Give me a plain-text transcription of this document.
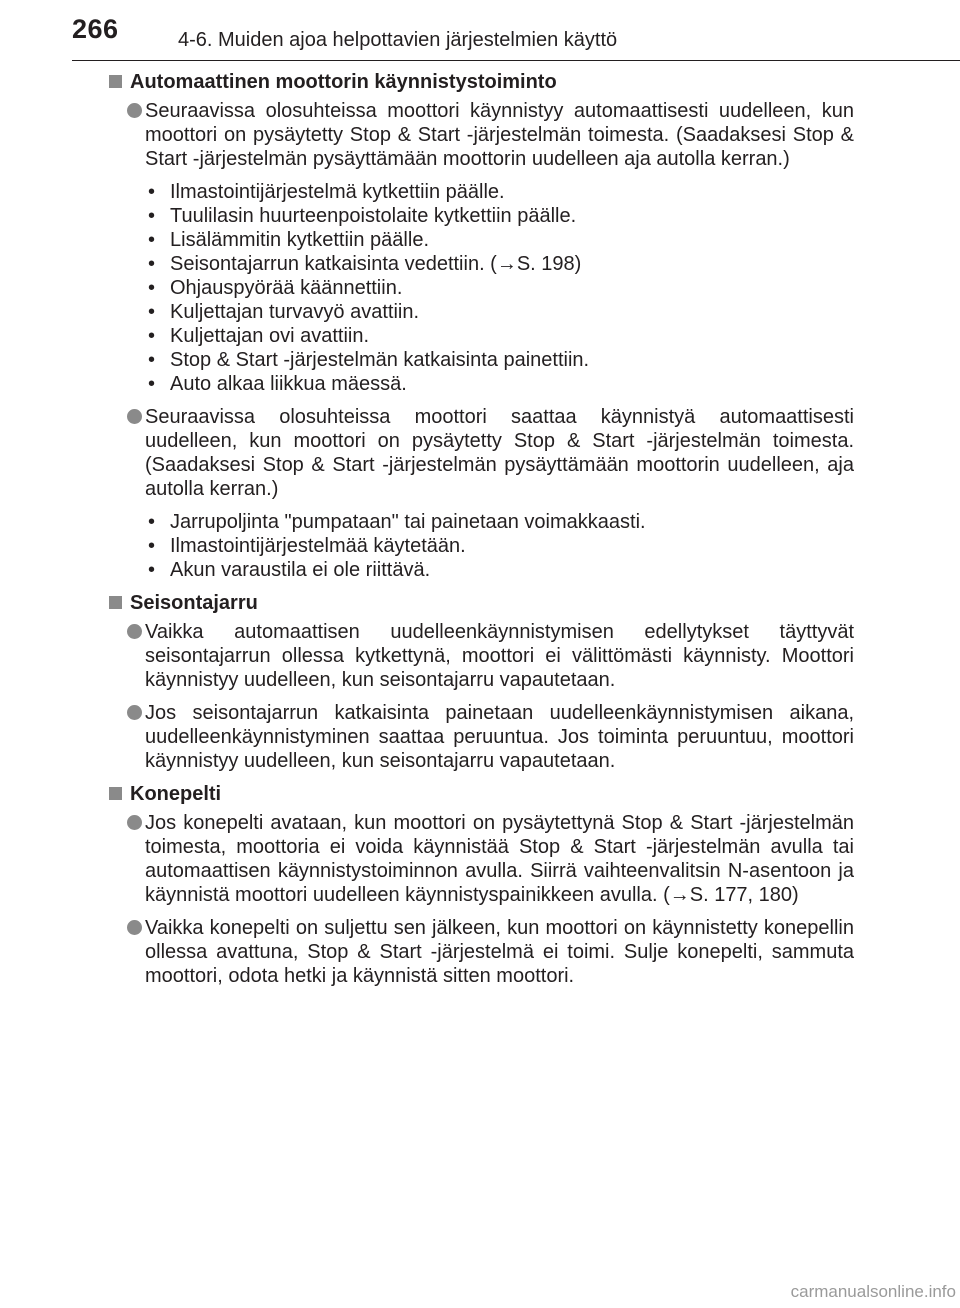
266	4-6. Muiden ajoa helpottavien järjestelmien käyttö
Automaattinen moottorin käynnistystoiminto
Seuraavissa olosuhteissa moottori käynnistyy automaattisesti uudelleen, kun moottori on pysäytetty Stop & Start -järjestelmän toimesta. (Saadaksesi Stop & Start -järjestelmän pysäyttämään moottorin uudelleen aja autolla kerran.)
• Ilmastointijärjestelmä kytkettiin päälle.
• Tuulilasin huurteenpoistolaite kytkettiin päälle.
• Lisälämmitin kytkettiin päälle.
• Seisontajarrun katkaisinta vedettiin. (→S. 198)
• Ohjauspyörää käännettiin.
• Kuljettajan turvavyö avattiin.
• Kuljettajan ovi avattiin.
• Stop & Start -järjestelmän katkaisinta painettiin.
• Auto alkaa liikkua mäessä.
Seuraavissa olosuhteissa moottori saattaa käynnistyä automaattisesti uudelleen, kun moottori on pysäytetty Stop & Start -järjestelmän toimesta. (Saadaksesi Stop & Start -järjestelmän pysäyttämään moottorin uudelleen, aja autolla kerran.)
• Jarrupoljinta "pumpataan" tai painetaan voimakkaasti.
• Ilmastointijärjestelmää käytetään.
• Akun varaustila ei ole riittävä.
Seisontajarru
Vaikka automaattisen uudelleenkäynnistymisen edellytykset täyttyvät seisontajarrun ollessa kytkettynä, moottori ei välittömästi käynnisty. Moottori käynnistyy uudelleen, kun seisontajarru vapautetaan.
Jos seisontajarrun katkaisinta painetaan uudelleenkäynnistymisen aikana, uudelleenkäynnistyminen saattaa peruuntua. Jos toiminta peruuntuu, moottori käynnistyy uudelleen, kun seisontajarru vapautetaan.
Konepelti
Jos konepelti avataan, kun moottori on pysäytettynä Stop & Start -järjestelmän toimesta, moottoria ei voida käynnistää Stop & Start -järjestelmän avulla tai automaattisen käynnistystoiminnon avulla. Siirrä vaihteenvalitsin N-asentoon ja käynnistä moottori uudelleen käynnistyspainikkeen avulla. (→S. 177, 180)
Vaikka konepelti on suljettu sen jälkeen, kun moottori on käynnistetty konepellin ollessa avattuna, Stop & Start -järjestelmä ei toimi. Sulje konepelti, sammuta moottori, odota hetki ja käynnistä sitten moottori.
carmanualsonline.info
